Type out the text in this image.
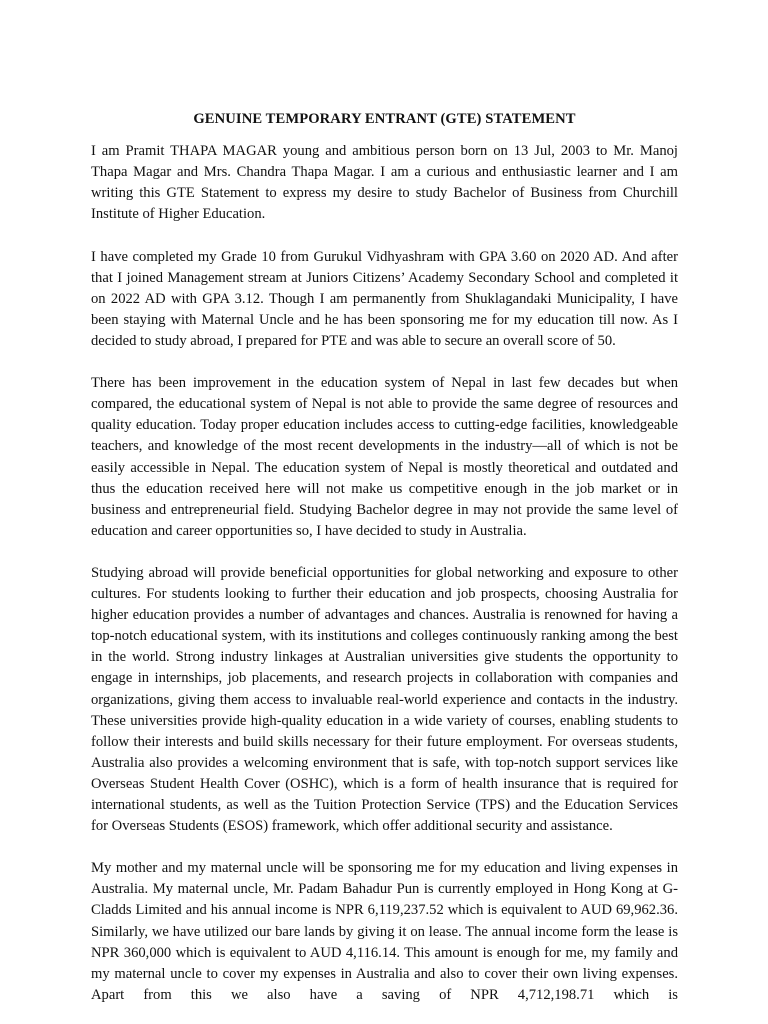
GENUINE TEMPORARY ENTRANT (GTE) STATEMENT

I am Pramit THAPA MAGAR young and ambitious person born on 13 Jul, 2003 to Mr. Manoj Thapa Magar and Mrs. Chandra Thapa Magar. I am a curious and enthusiastic learner and I am writing this GTE Statement to express my desire to study Bachelor of Business from Churchill Institute of Higher Education.

I have completed my Grade 10 from Gurukul Vidhyashram with GPA 3.60 on 2020 AD. And after that I joined Management stream at Juniors Citizens’ Academy Secondary School and completed it on 2022 AD with GPA 3.12. Though I am permanently from Shuklagandaki Municipality, I have been staying with Maternal Uncle and he has been sponsoring me for my education till now. As I decided to study abroad, I prepared for PTE and was able to secure an overall score of 50.

There has been improvement in the education system of Nepal in last few decades but when compared, the educational system of Nepal is not able to provide the same degree of resources and quality education. Today proper education includes access to cutting-edge facilities, knowledgeable teachers, and knowledge of the most recent developments in the industry—all of which is not be easily accessible in Nepal. The education system of Nepal is mostly theoretical and outdated and thus the education received here will not make us competitive enough in the job market or in business and entrepreneurial field. Studying Bachelor degree in may not provide the same level of education and career opportunities so, I have decided to study in Australia.

Studying abroad will provide beneficial opportunities for global networking and exposure to other cultures. For students looking to further their education and job prospects, choosing Australia for higher education provides a number of advantages and chances. Australia is renowned for having a top-notch educational system, with its institutions and colleges continuously ranking among the best in the world. Strong industry linkages at Australian universities give students the opportunity to engage in internships, job placements, and research projects in collaboration with companies and organizations, giving them access to invaluable real-world experience and contacts in the industry. These universities provide high-quality education in a wide variety of courses, enabling students to follow their interests and build skills necessary for their future employment. For overseas students, Australia also provides a welcoming environment that is safe, with top-notch support services like Overseas Student Health Cover (OSHC), which is a form of health insurance that is required for international students, as well as the Tuition Protection Service (TPS) and the Education Services for Overseas Students (ESOS) framework, which offer additional security and assistance.

My mother and my maternal uncle will be sponsoring me for my education and living expenses in Australia. My maternal uncle, Mr. Padam Bahadur Pun is currently employed in Hong Kong at G-Cladds Limited and his annual income is NPR 6,119,237.52 which is equivalent to AUD 69,962.36. Similarly, we have utilized our bare lands by giving it on lease. The annual income form the lease is NPR 360,000 which is equivalent to AUD 4,116.14. This amount is enough for me, my family and my maternal uncle to cover my expenses in Australia and also to cover their own living expenses. Apart from this we also have a saving of NPR 4,712,198.71 which is
